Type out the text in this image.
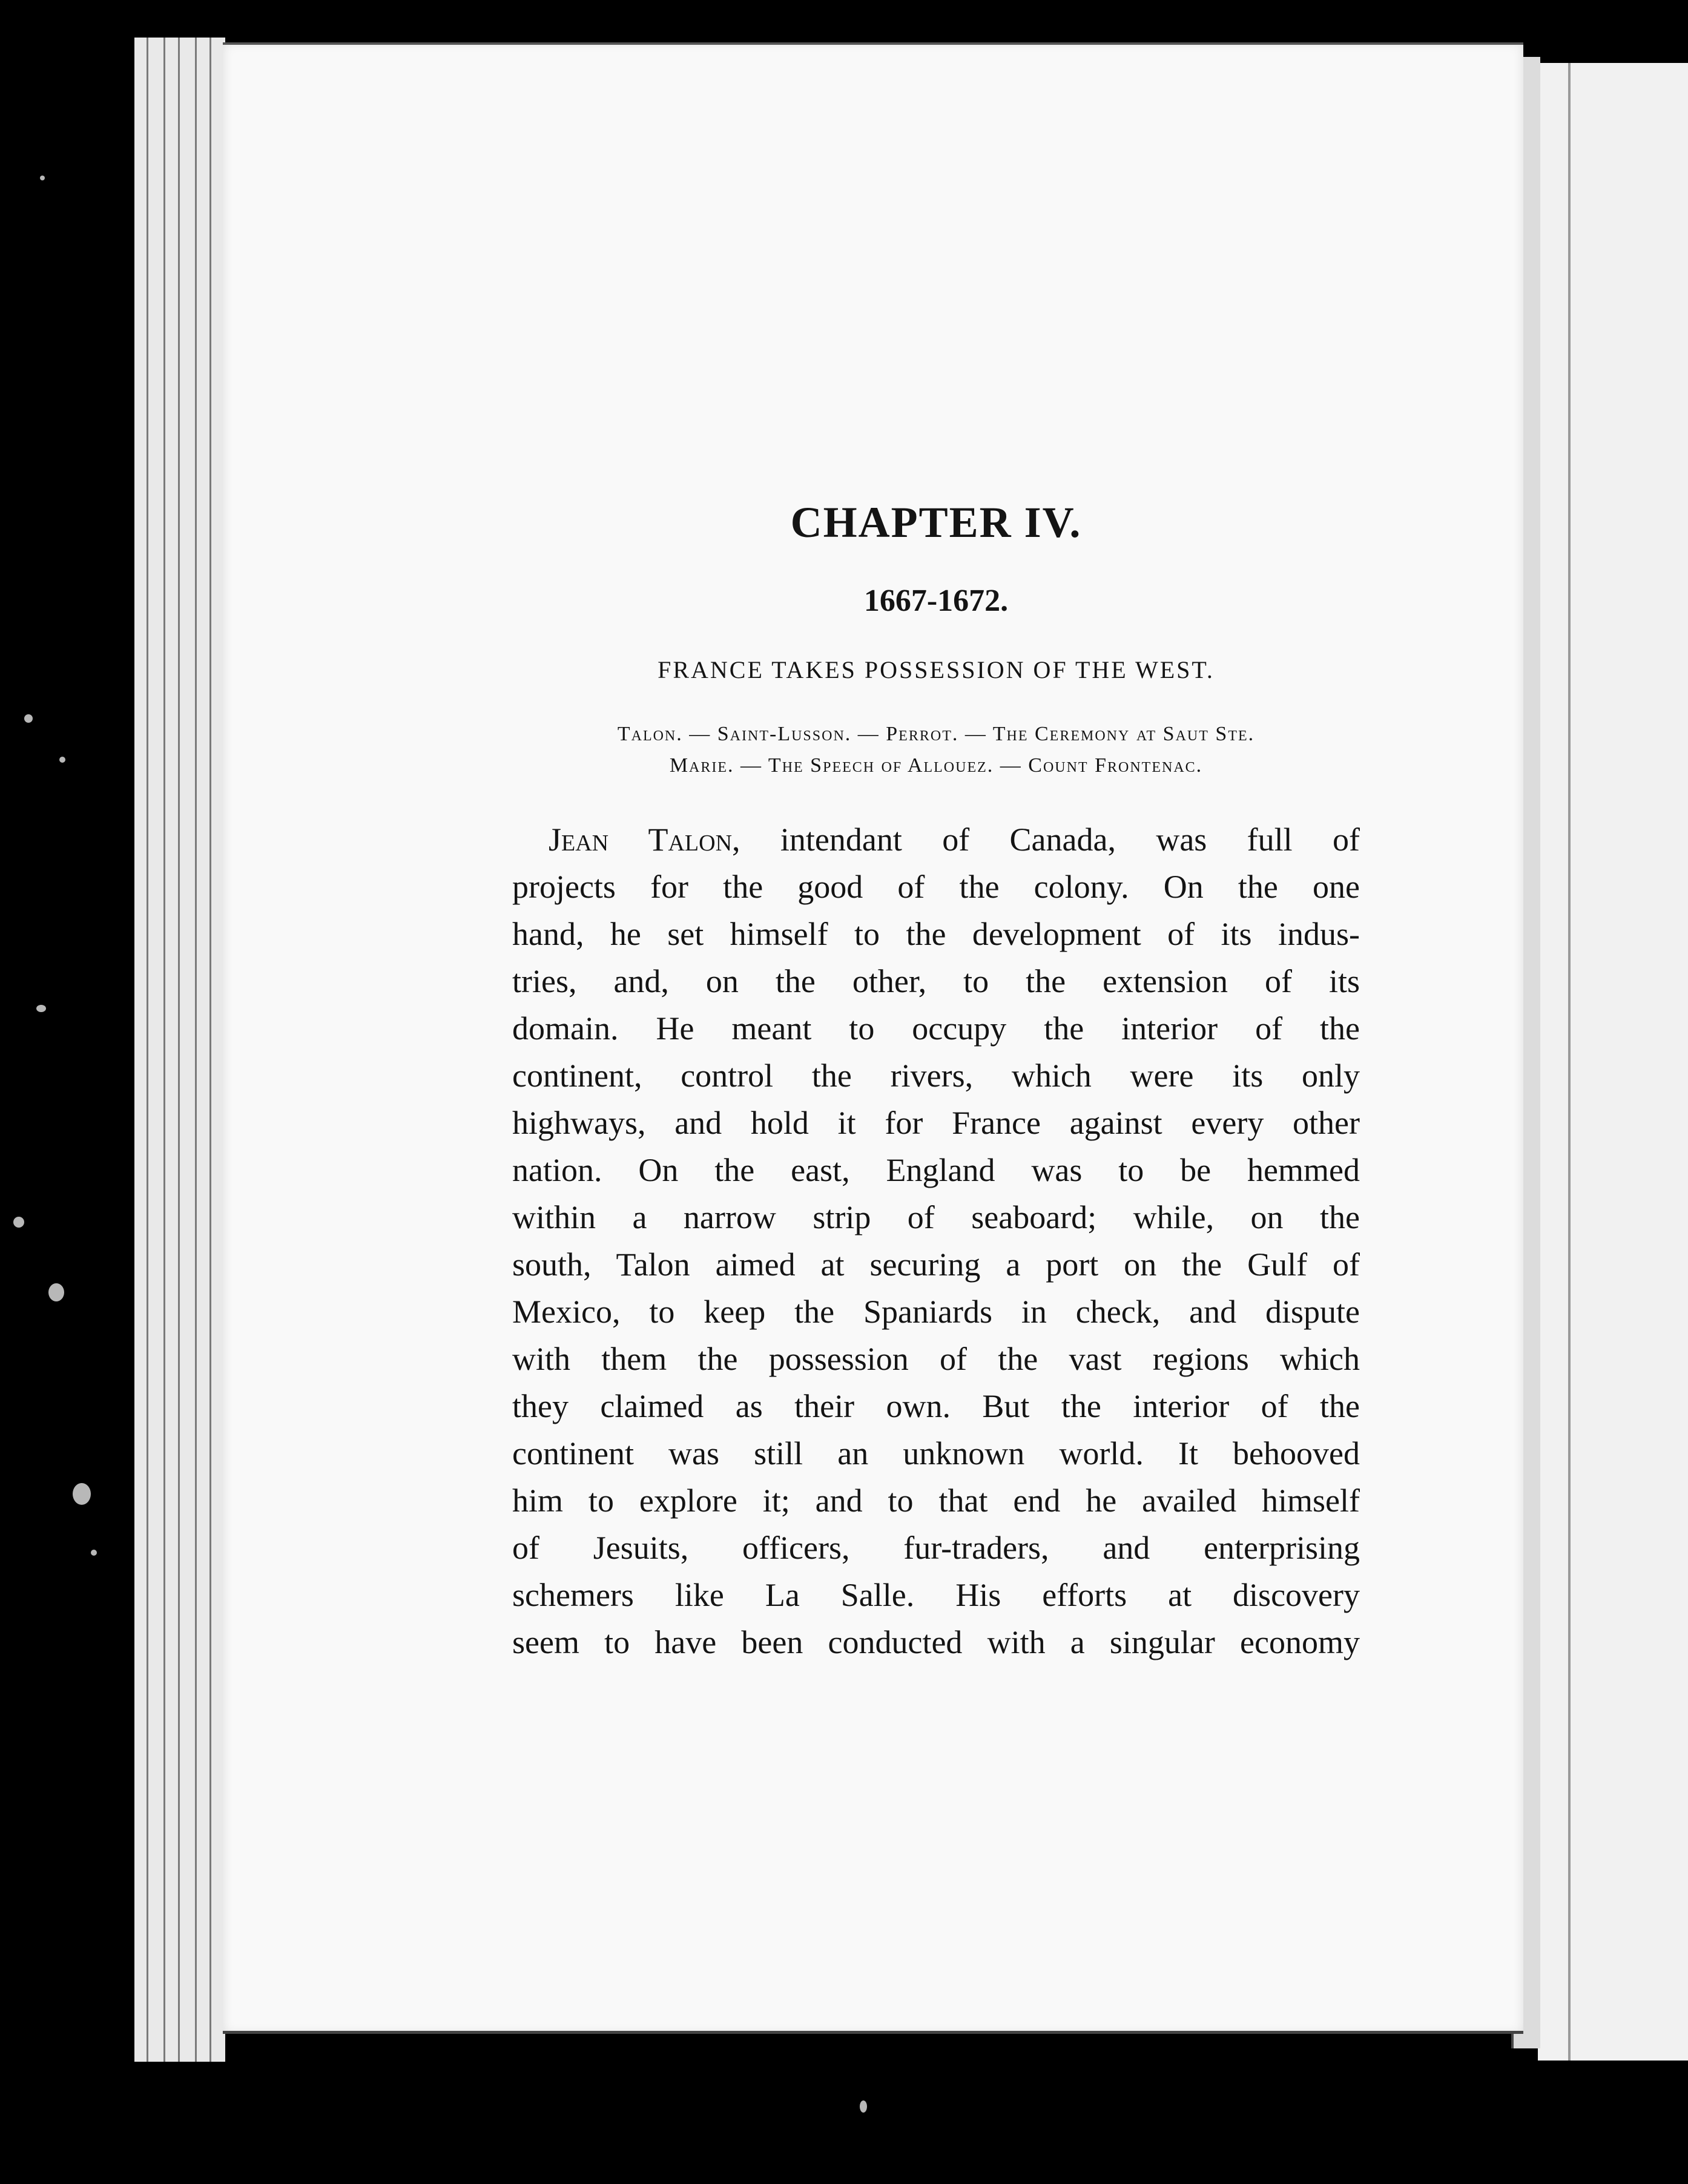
CHAPTER IV.
1667-1672.
FRANCE TAKES POSSESSION OF THE WEST.
Talon. — Saint-Lusson. — Perrot. — The Ceremony at Saut Ste.
Marie. — The Speech of Allouez. — Count Frontenac.
Jean Talon, intendant of Canada, was full of
projects for the good of the colony. On the one
hand, he set himself to the development of its indus-
tries, and, on the other, to the extension of its
domain. He meant to occupy the interior of the
continent, control the rivers, which were its only
highways, and hold it for France against every other
nation. On the east, England was to be hemmed
within a narrow strip of seaboard; while, on the
south, Talon aimed at securing a port on the Gulf of
Mexico, to keep the Spaniards in check, and dispute
with them the possession of the vast regions which
they claimed as their own. But the interior of the
continent was still an unknown world. It behooved
him to explore it; and to that end he availed himself
of Jesuits, officers, fur-traders, and enterprising
schemers like La Salle. His efforts at discovery
seem to have been conducted with a singular economy
